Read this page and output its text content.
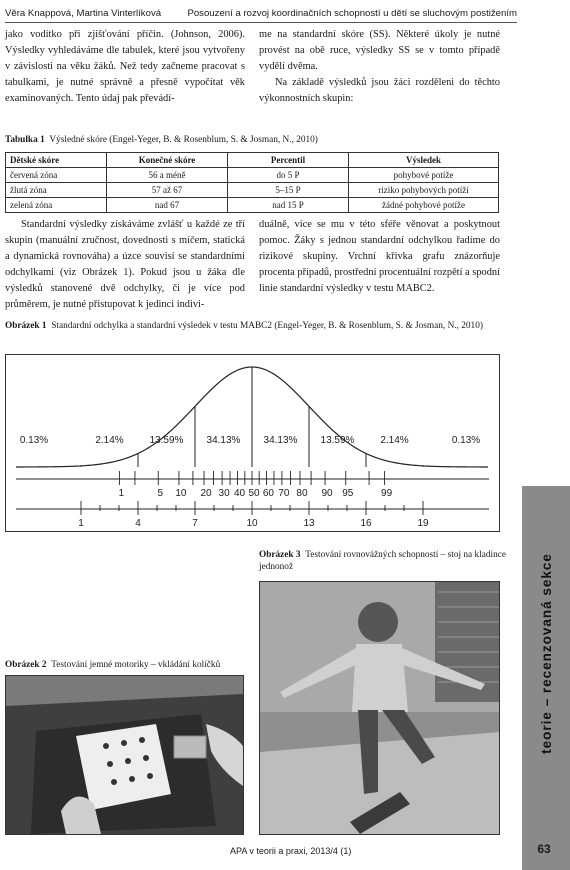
Věra Knappová, Martina Vinterlíková	Posouzení a rozvoj koordinačních schopností u dětí se sluchovým postižením

jako vodítko při zjišťování příčin. (Johnson, 2006). Výsledky vyhledáváme dle tabulek, které jsou vytvořeny v závislosti na věku žáků. Než tedy začneme pracovat s tabulkami, je nutné správně a přesně vypočítat věk examinovaných. Tento údaj pak převádí-

me na standardní skóre (SS). Některé úkoly je nutné provést na obě ruce, výsledky SS se v tomto případě vydělí dvěma.

Na základě výsledků jsou žáci rozděleni do těchto výkonnostních skupin:

Tabulka 1 Výsledné skóre (Engel-Yeger, B. & Rosenblum, S. & Josman, N., 2010)
Dětské skóre	Konečné skóre	Percentil	Výsledek
červená zóna	56 a méně	do 5 P	pohybové potíže
žlutá zóna	57 až 67	5–15 P	riziko pohybových potíží
zelená zóna	nad 67	nad 15 P	žádné pohybové potíže

Standardní výsledky získáváme zvlášť u každé ze tří skupin (manuální zručnost, dovednosti s míčem, statická a dynamická rovnováha) a úzce souvisí se standardními odchylkami (viz Obrázek 1). Pokud jsou u žáka dle výsledků stanovené dvě odchylky, či je více pod průměrem, je nutné přistupovat k jedinci indivi-

duálně, více se mu v této sféře věnovat a poskytnout pomoc. Žáky s jednou standardní odchylkou řadíme do rizikové skupiny. Vrchní křivka grafu znázorňuje procenta případů, prostřední procentuální rozpětí a spodní linie standardní výsledky v testu MABC2.

Obrázek 1 Standardní odchylka a standardní výsledek v testu MABC2 (Engel-Yeger, B. & Rosenblum, S. & Josman, N., 2010)
0.13%	2.14%	13.59% 34.13% 34.13% 13.59%	2.14%	0.13%
1	5 10 20 30 40 50 60 70 80 90 95	99
1	4	7	10	13	16	19
Obrázek 3 Testování rovnovážných schopností – stoj na kladince jednonož
Obrázek 2 Testování jemné motoriky – vkládání kolíčků	teorie – recenzovaná sekce
63
APA v teorii a praxi, 2013/4 (1)
